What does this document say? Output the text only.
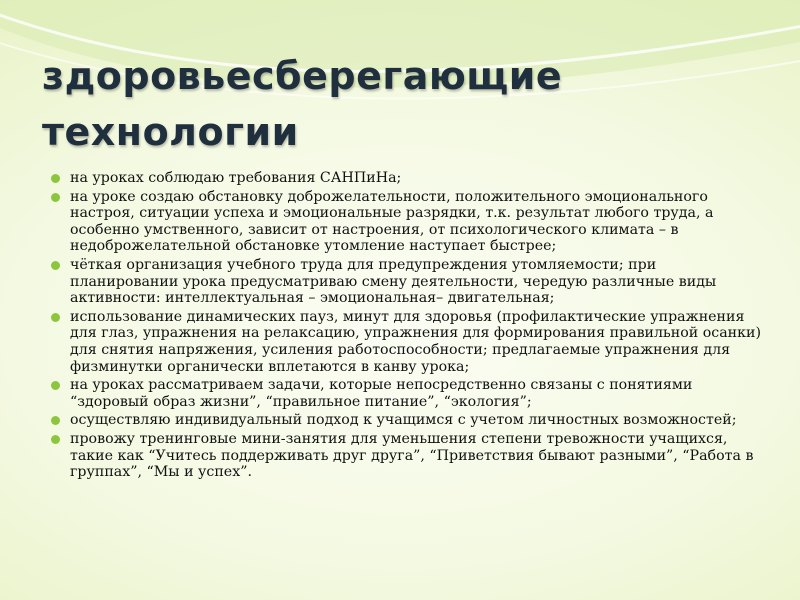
здоровьесберегающие
технологии
на уроках соблюдаю требования САНПиНа;
на уроке создаю обстановку доброжелательности, положительного эмоционального настроя, ситуации успеха и эмоциональные разрядки, т.к. результат любого труда, а особенно умственного, зависит от настроения, от психологического климата – в недоброжелательной обстановке утомление наступает быстрее;
чёткая организация учебного труда для предупреждения утомляемости; при планировании урока предусматриваю смену деятельности, чередую различные виды активности: интеллектуальная – эмоциональная– двигательная;
использование динамических пауз, минут для здоровья (профилактические упражнения для глаз, упражнения на релаксацию, упражнения для формирования правильной осанки) для снятия напряжения, усиления работоспособности; предлагаемые упражнения для физминутки органически вплетаются в канву урока;
на уроках рассматриваем задачи, которые непосредственно связаны с понятиями “здоровый образ жизни”, “правильное питание”, “экология”;
осуществляю индивидуальный подход к учащимся с учетом личностных возможностей;
провожу тренинговые мини-занятия для уменьшения степени тревожности учащихся, такие как “Учитесь поддерживать друг друга”, “Приветствия бывают разными”, “Работа в группах”, “Мы и успех”.
